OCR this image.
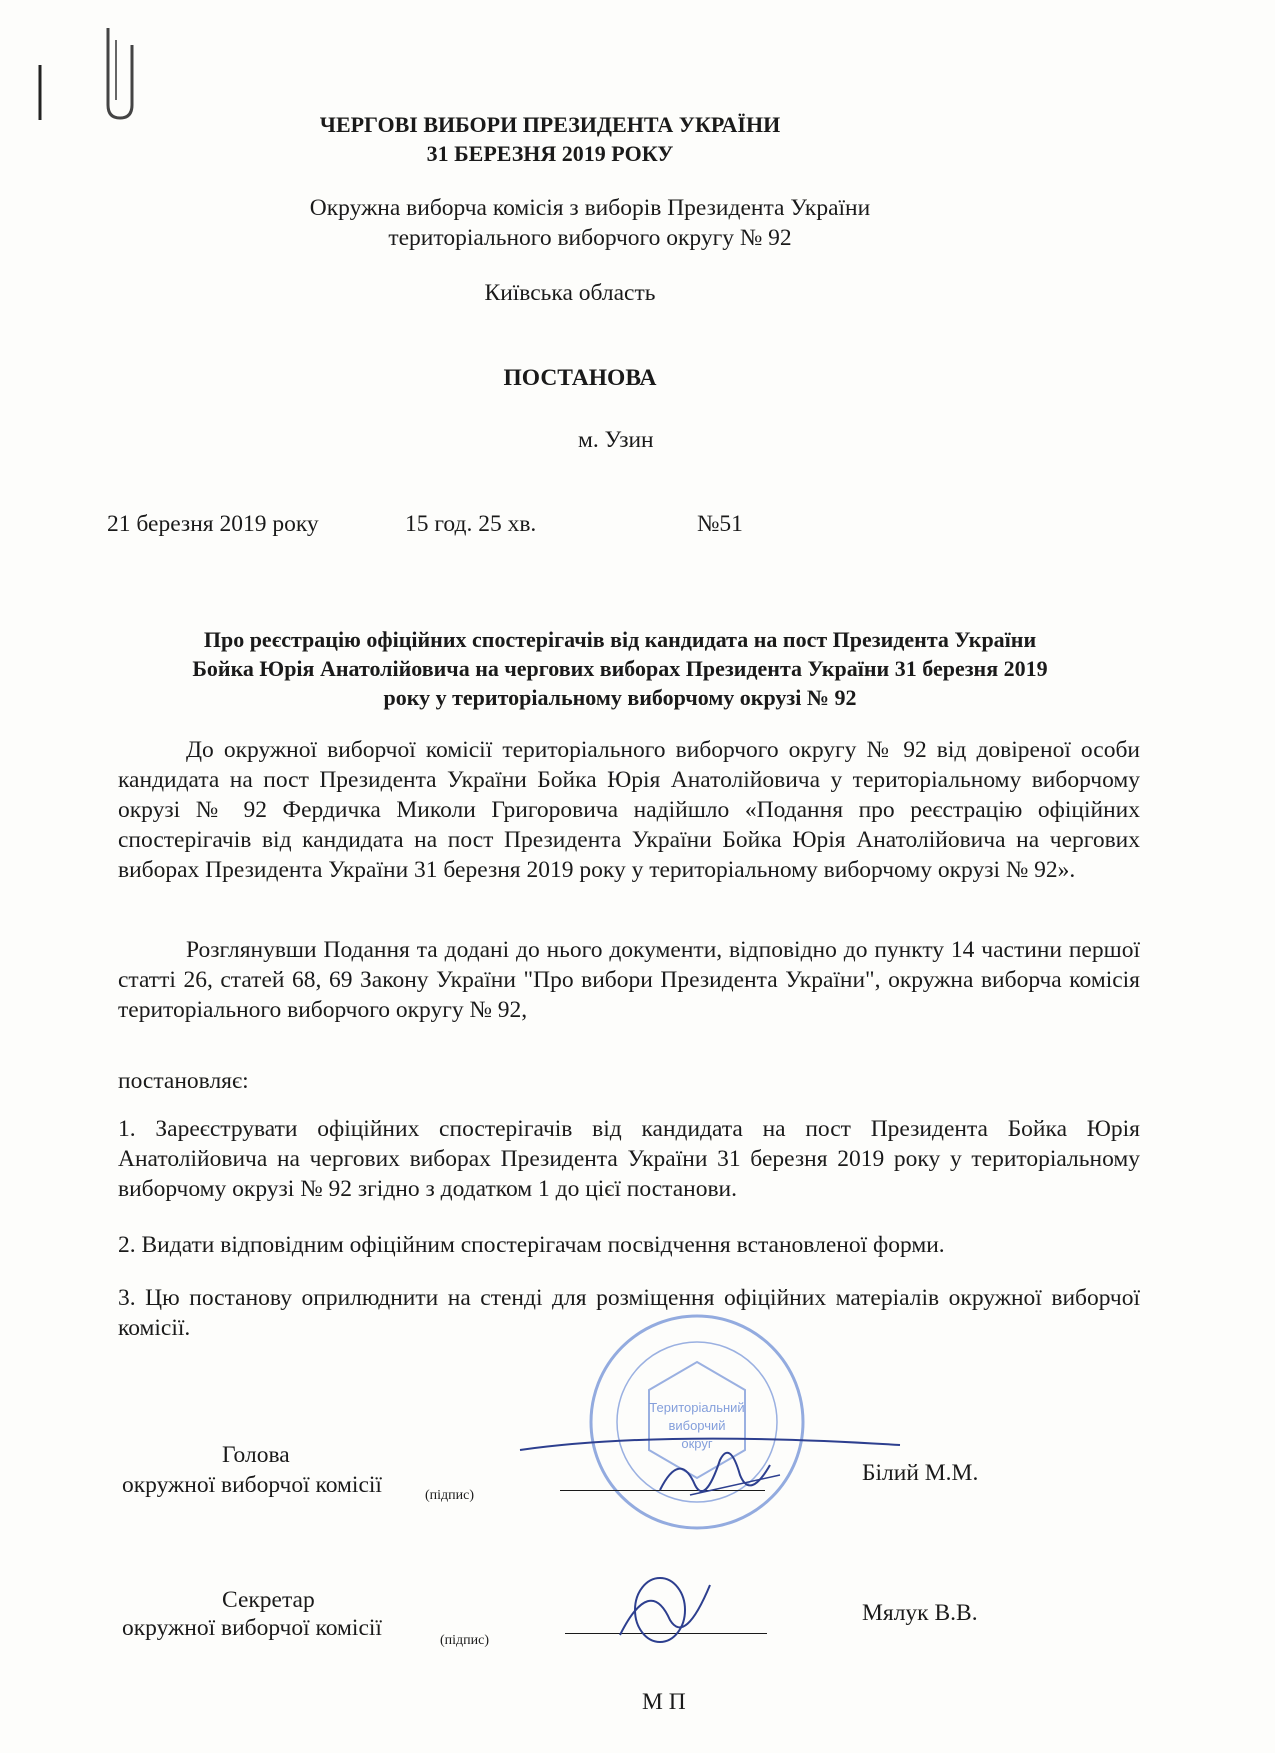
ЧЕРГОВІ ВИБОРИ ПРЕЗИДЕНТА УКРАЇНИ
31 БЕРЕЗНЯ 2019 РОКУ
Окружна виборча комісія з виборів Президента України
територіального виборчого округу № 92
Київська область
ПОСТАНОВА
м. Узин
21 березня 2019 року	15 год. 25 хв.	№51
Про реєстрацію офіційних спостерігачів від кандидата на пост Президента України
Бойка Юрія Анатолійовича на чергових виборах Президента України 31 березня 2019
року у територіальному виборчому окрузі № 92
До окружної виборчої комісії територіального виборчого округу № 92 від довіреної особи кандидата на пост Президента України Бойка Юрія Анатолійовича у територіальному виборчому окрузі № 92 Фердичка Миколи Григоровича надійшло «Подання про реєстрацію офіційних спостерігачів від кандидата на пост Президента України Бойка Юрія Анатолійовича на чергових виборах Президента України 31 березня 2019 року у територіальному виборчому окрузі № 92».
Розглянувши Подання та додані до нього документи, відповідно до пункту 14 частини першої статті 26, статей 68, 69 Закону України "Про вибори Президента України", окружна виборча комісія територіального виборчого округу № 92,
постановляє:
1. Зареєструвати офіційних спостерігачів від кандидата на пост Президента Бойка Юрія Анатолійовича на чергових виборах Президента України 31 березня 2019 року у територіальному виборчому окрузі № 92 згідно з додатком 1 до цієї постанови.
2. Видати відповідним офіційним спостерігачам посвідчення встановленої форми.
3. Цю постанову оприлюднити на стенді для розміщення офіційних матеріалів окружної виборчої комісії.
Територіальний
виборчий
округ
Голова
окружної виборчої комісії	(підпис)
Білий М.М.
Секретар
окружної виборчої комісії	(підпис)
Мялук В.В.
М П
